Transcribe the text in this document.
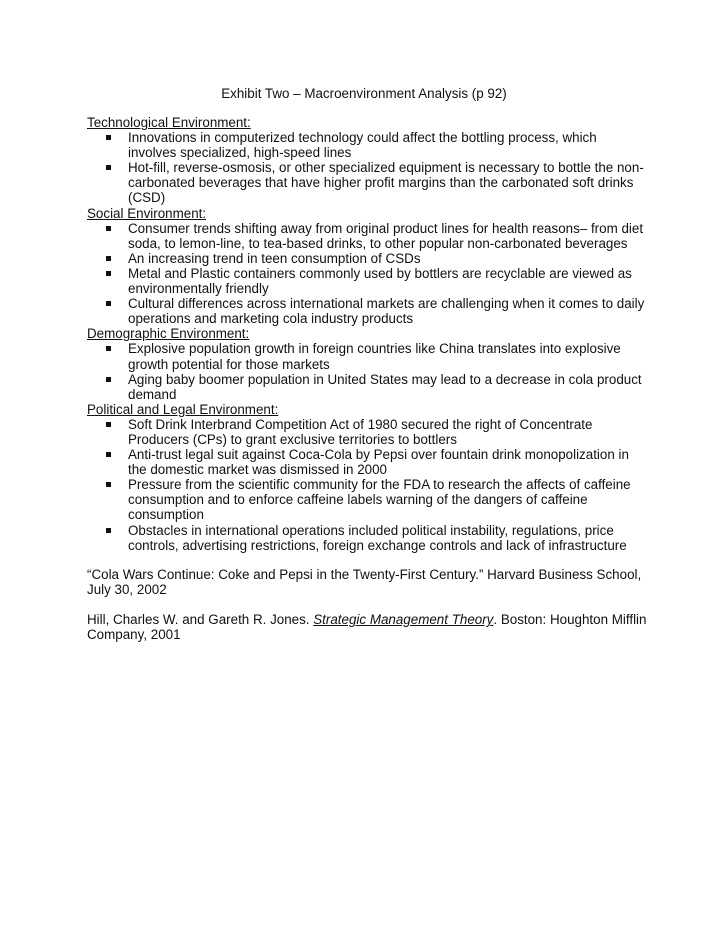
Exhibit Two – Macroenvironment Analysis (p 92)
Technological Environment:
Innovations in computerized technology could affect the bottling process, which involves specialized, high-speed lines
Hot-fill, reverse-osmosis, or other specialized equipment is necessary to bottle the non-carbonated beverages that have higher profit margins than the carbonated soft drinks (CSD)
Social Environment:
Consumer trends shifting away from original product lines for health reasons– from diet soda, to lemon-line, to tea-based drinks, to other popular non-carbonated beverages
An increasing trend in teen consumption of CSDs
Metal and Plastic containers commonly used by bottlers are recyclable are viewed as environmentally friendly
Cultural differences across international markets are challenging when it comes to daily operations and marketing cola industry products
Demographic Environment:
Explosive population growth in foreign countries like China translates into explosive growth potential for those markets
Aging baby boomer population in United States may lead to a decrease in cola product demand
Political and Legal Environment:
Soft Drink Interbrand Competition Act of 1980 secured the right of Concentrate Producers (CPs) to grant exclusive territories to bottlers
Anti-trust legal suit against Coca-Cola by Pepsi over fountain drink monopolization in the domestic market was dismissed in 2000
Pressure from the scientific community for the FDA to research the affects of caffeine consumption and to enforce caffeine labels warning of the dangers of caffeine consumption
Obstacles in international operations included political instability, regulations, price controls, advertising restrictions, foreign exchange controls and lack of infrastructure

“Cola Wars Continue: Coke and Pepsi in the Twenty-First Century.” Harvard Business School, July 30, 2002

Hill, Charles W. and Gareth R. Jones. Strategic Management Theory. Boston: Houghton Mifflin Company, 2001
